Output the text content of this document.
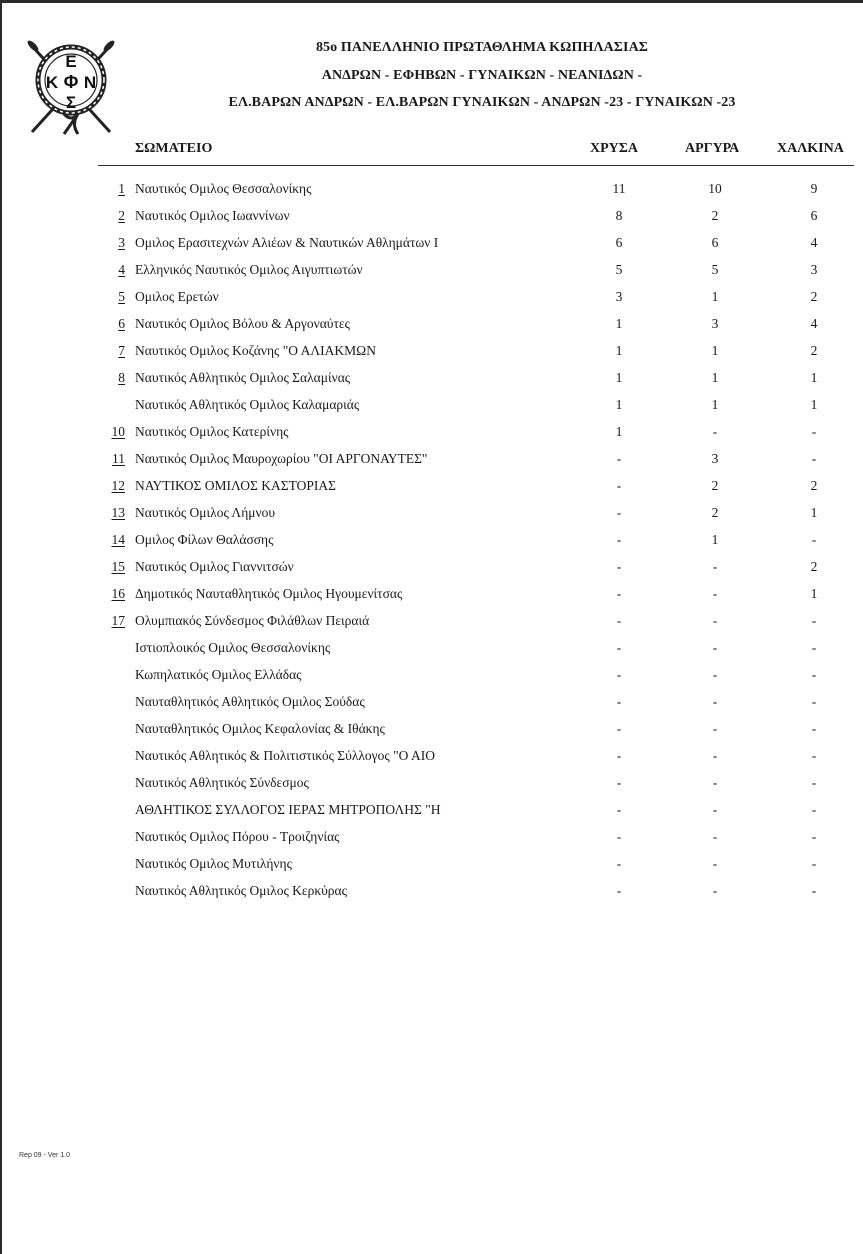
Ε
Κ Φ Ν
Σ
85o ΠΑΝΕΛΛΗΝΙΟ ΠΡΩΤΑΘΛΗΜΑ ΚΩΠΗΛΑΣΙΑΣ
ΑΝΔΡΩΝ - ΕΦΗΒΩΝ - ΓΥΝΑΙΚΩΝ - ΝΕΑΝΙΔΩΝ -
ΕΛ.ΒΑΡΩΝ ΑΝΔΡΩΝ - ΕΛ.ΒΑΡΩΝ ΓΥΝΑΙΚΩΝ - ΑΝΔΡΩΝ -23 - ΓΥΝΑΙΚΩΝ -23
ΣΩΜΑΤΕΙΟ	ΧΡΥΣΑ	ΑΡΓΥΡΑ	ΧΑΛΚΙΝΑ
1 Ναυτικός Ομιλος Θεσσαλονίκης	11	10	9
2 Ναυτικός Ομιλος Ιωαννίνων	8	2	6
3 Ομιλος Ερασιτεχνών Αλιέων & Ναυτικών Αθλημάτων Ι	6	6	4
4 Ελληνικός Ναυτικός Ομιλος Αιγυπτιωτών	5	5	3
5 Ομιλος Ερετών	3	1	2
6 Ναυτικός Ομιλος Βόλου & Αργοναύτες	1	3	4
7 Ναυτικός Ομιλος Κοζάνης "Ο ΑΛΙΑΚΜΩΝ	1	1	2
8 Ναυτικός Αθλητικός Ομιλος Σαλαμίνας	1	1	1
Ναυτικός Αθλητικός Ομιλος Καλαμαριάς	1	1	1
10 Ναυτικός Ομιλος Κατερίνης	1	-	-
11 Ναυτικός Ομιλος Μαυροχωρίου "ΟΙ ΑΡΓΟΝΑΥΤΕΣ"	-	3	-
12 ΝΑΥΤΙΚΟΣ ΟΜΙΛΟΣ ΚΑΣΤΟΡΙΑΣ	-	2	2
13 Ναυτικός Ομιλος Λήμνου	-	2	1
14 Ομιλος Φίλων Θαλάσσης	-	1	-
15 Ναυτικός Ομιλος Γιαννιτσών	-	-	2
16 Δημοτικός Ναυταθλητικός Ομιλος Ηγουμενίτσας	-	-	1
17 Ολυμπιακός Σύνδεσμος Φιλάθλων Πειραιά	-	-	-
Ιστιοπλοικός Ομιλος Θεσσαλονίκης	-	-	-
Κωπηλατικός Ομιλος Ελλάδας	-	-	-
Ναυταθλητικός Αθλητικός Ομιλος Σούδας	-	-	-
Ναυταθλητικός Ομιλος Κεφαλονίας & Ιθάκης	-	-	-
Ναυτικός Αθλητικός & Πολιτιστικός Σύλλογος "Ο ΑΙΟ	-	-	-
Ναυτικός Αθλητικός Σύνδεσμος	-	-	-
ΑΘΛΗΤΙΚΟΣ ΣΥΛΛΟΓΟΣ ΙΕΡΑΣ ΜΗΤΡΟΠΟΛΗΣ "Η	-	-	-
Ναυτικός Ομιλος Πόρου - Τροιζηνίας	-	-	-
Ναυτικός Ομιλος Μυτιλήνης	-	-	-
Ναυτικός Αθλητικός Ομιλος Κερκύρας	-	-	-
Rep 09 - Ver 1.0
